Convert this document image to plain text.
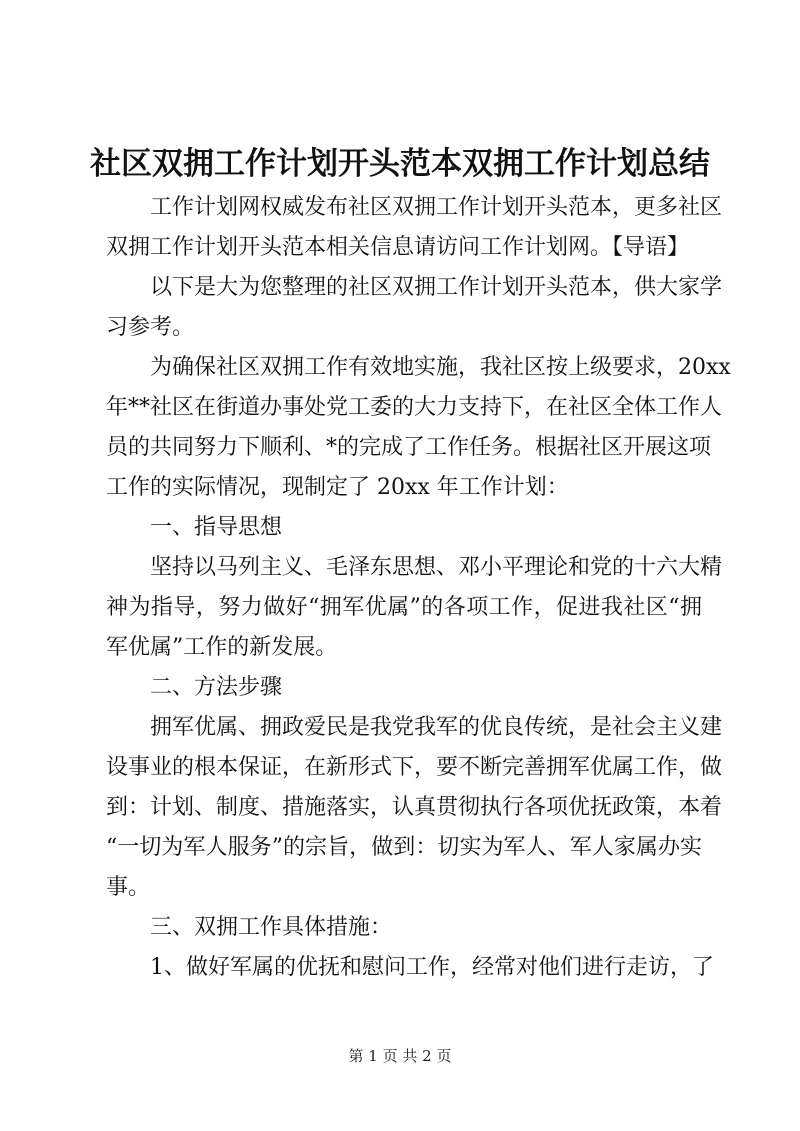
社区双拥工作计划开头范本双拥工作计划总结

工作计划网权威发布社区双拥工作计划开头范本，更多社区
双拥工作计划开头范本相关信息请访问工作计划网。【导语】
以下是大为您整理的社区双拥工作计划开头范本，供大家学
习参考。
为确保社区双拥工作有效地实施，我社区按上级要求，20xx
年**社区在街道办事处党工委的大力支持下，在社区全体工作人
员的共同努力下顺利、*的完成了工作任务。根据社区开展这项
工作的实际情况，现制定了 20xx 年工作计划：
一、指导思想
坚持以马列主义、毛泽东思想、邓小平理论和党的十六大精
神为指导，努力做好“拥军优属”的各项工作，促进我社区“拥
军优属”工作的新发展。
二、方法步骤
拥军优属、拥政爱民是我党我军的优良传统，是社会主义建
设事业的根本保证，在新形式下，要不断完善拥军优属工作，做
到：计划、制度、措施落实，认真贯彻执行各项优抚政策，本着
“一切为军人服务”的宗旨，做到：切实为军人、军人家属办实
事。
三、双拥工作具体措施：
1、做好军属的优抚和慰问工作，经常对他们进行走访，了

第 1 页 共 2 页
